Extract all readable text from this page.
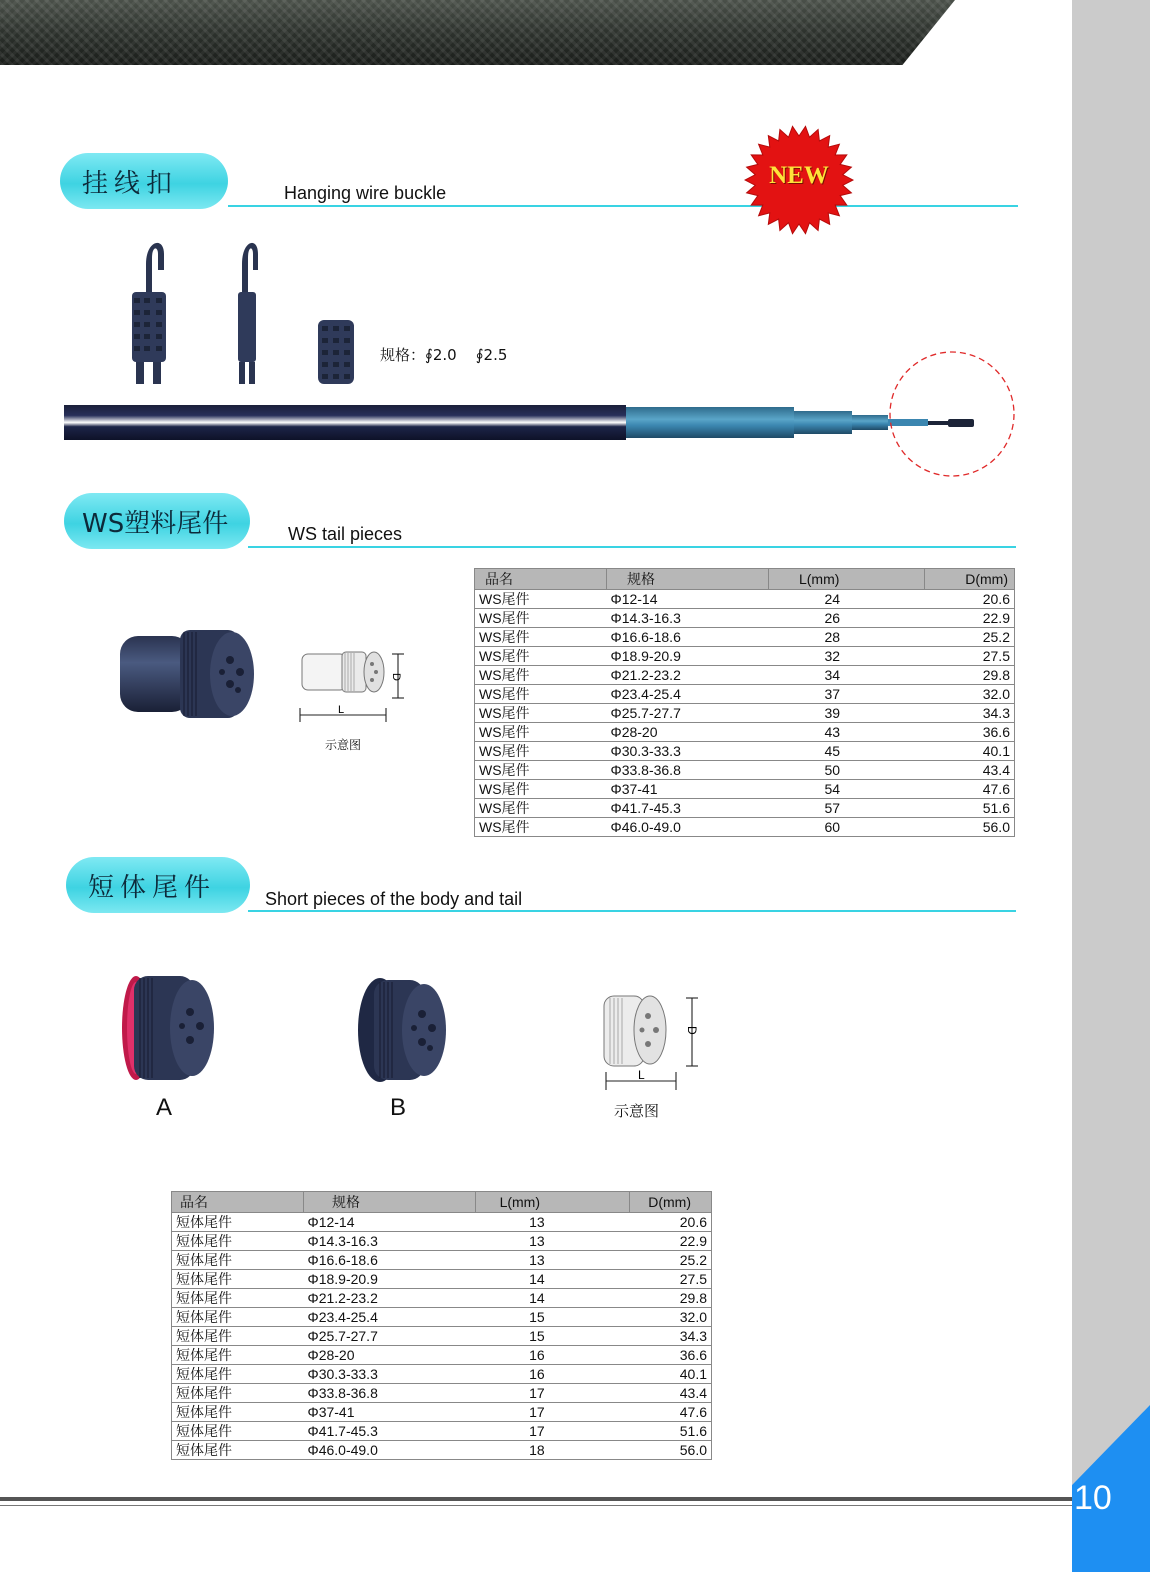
10
挂线扣	Hanging wire buckle
NEW
规格：∮2.0    ∮2.5
WS塑料尾件	WS tail pieces
D
L
示意图
品名	规格	L(mm)	D(mm)
WS尾件	Φ12-14	24	20.6
WS尾件	Φ14.3-16.3	26	22.9
WS尾件	Φ16.6-18.6	28	25.2
WS尾件	Φ18.9-20.9	32	27.5
WS尾件	Φ21.2-23.2	34	29.8
WS尾件	Φ23.4-25.4	37	32.0
WS尾件	Φ25.7-27.7	39	34.3
WS尾件	Φ28-20	43	36.6
WS尾件	Φ30.3-33.3	45	40.1
WS尾件	Φ33.8-36.8	50	43.4
WS尾件	Φ37-41	54	47.6
WS尾件	Φ41.7-45.3	57	51.6
WS尾件	Φ46.0-49.0	60	56.0
短体尾件	Short pieces of the body and tail
A	B
D
L
示意图
品名	规格	L(mm)	D(mm)
短体尾件	Φ12-14	13	20.6
短体尾件	Φ14.3-16.3	13	22.9
短体尾件	Φ16.6-18.6	13	25.2
短体尾件	Φ18.9-20.9	14	27.5
短体尾件	Φ21.2-23.2	14	29.8
短体尾件	Φ23.4-25.4	15	32.0
短体尾件	Φ25.7-27.7	15	34.3
短体尾件	Φ28-20	16	36.6
短体尾件	Φ30.3-33.3	16	40.1
短体尾件	Φ33.8-36.8	17	43.4
短体尾件	Φ37-41	17	47.6
短体尾件	Φ41.7-45.3	17	51.6
短体尾件	Φ46.0-49.0	18	56.0
